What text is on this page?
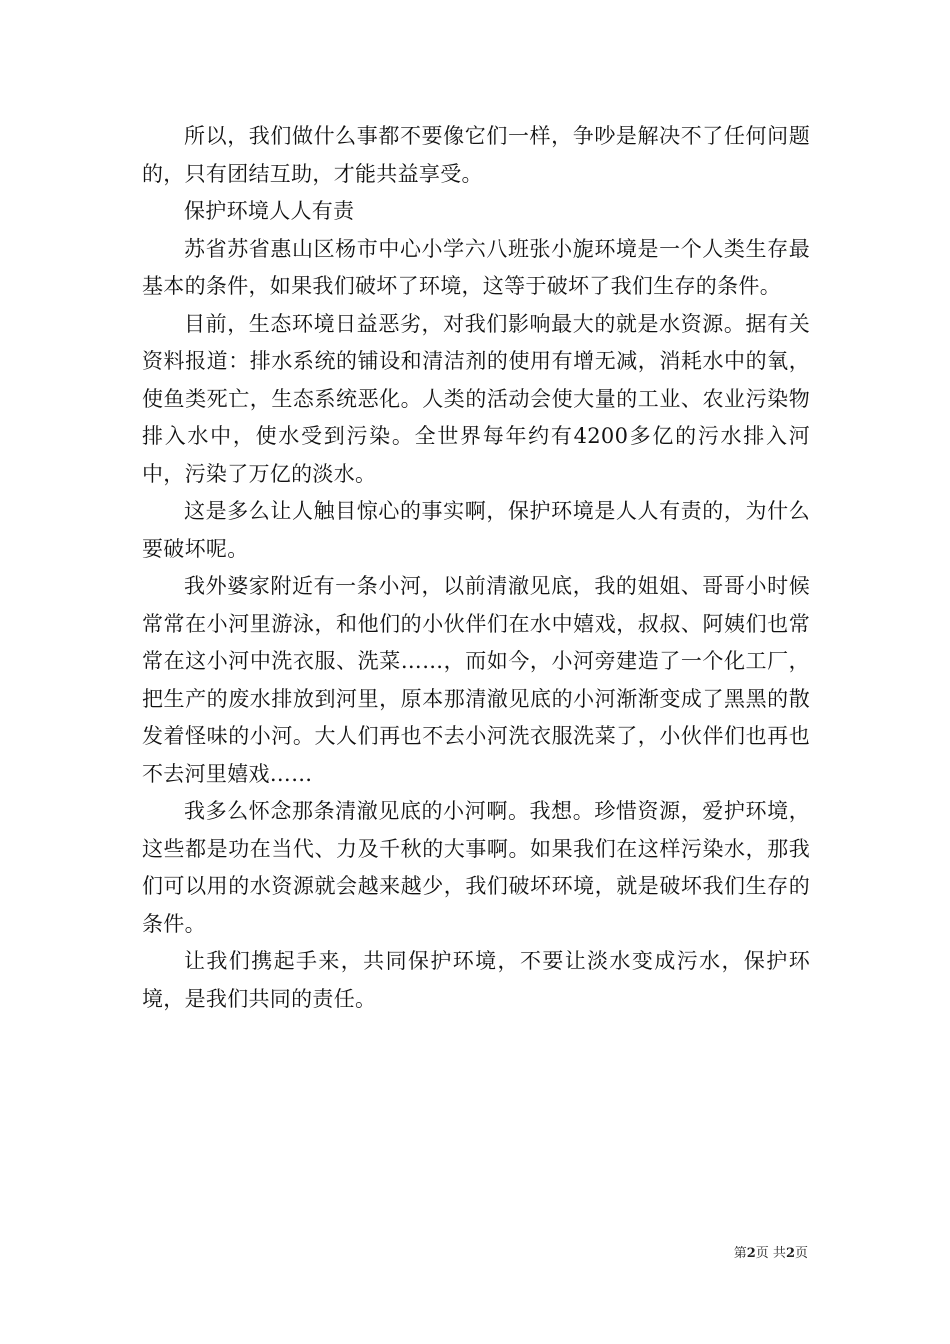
所以，我们做什么事都不要像它们一样，争吵是解决不了任何问题的，只有团结互助，才能共益享受。

保护环境人人有责

苏省苏省惠山区杨市中心小学六八班张小旎环境是一个人类生存最基本的条件，如果我们破坏了环境，这等于破坏了我们生存的条件。

目前，生态环境日益恶劣，对我们影响最大的就是水资源。据有关资料报道：排水系统的铺设和清洁剂的使用有增无减，消耗水中的氧，使鱼类死亡，生态系统恶化。人类的活动会使大量的工业、农业污染物排入水中，使水受到污染。全世界每年约有4200多亿的污水排入河中，污染了万亿的淡水。

这是多么让人触目惊心的事实啊，保护环境是人人有责的，为什么要破坏呢。

我外婆家附近有一条小河，以前清澈见底，我的姐姐、哥哥小时候常常在小河里游泳，和他们的小伙伴们在水中嬉戏，叔叔、阿姨们也常常在这小河中洗衣服、洗菜……，而如今，小河旁建造了一个化工厂，把生产的废水排放到河里，原本那清澈见底的小河渐渐变成了黑黑的散发着怪味的小河。大人们再也不去小河洗衣服洗菜了，小伙伴们也再也不去河里嬉戏……

我多么怀念那条清澈见底的小河啊。我想。珍惜资源，爱护环境，这些都是功在当代、力及千秋的大事啊。如果我们在这样污染水，那我们可以用的水资源就会越来越少，我们破坏环境，就是破坏我们生存的条件。

让我们携起手来，共同保护环境，不要让淡水变成污水，保护环境，是我们共同的责任。

第2页 共2页
